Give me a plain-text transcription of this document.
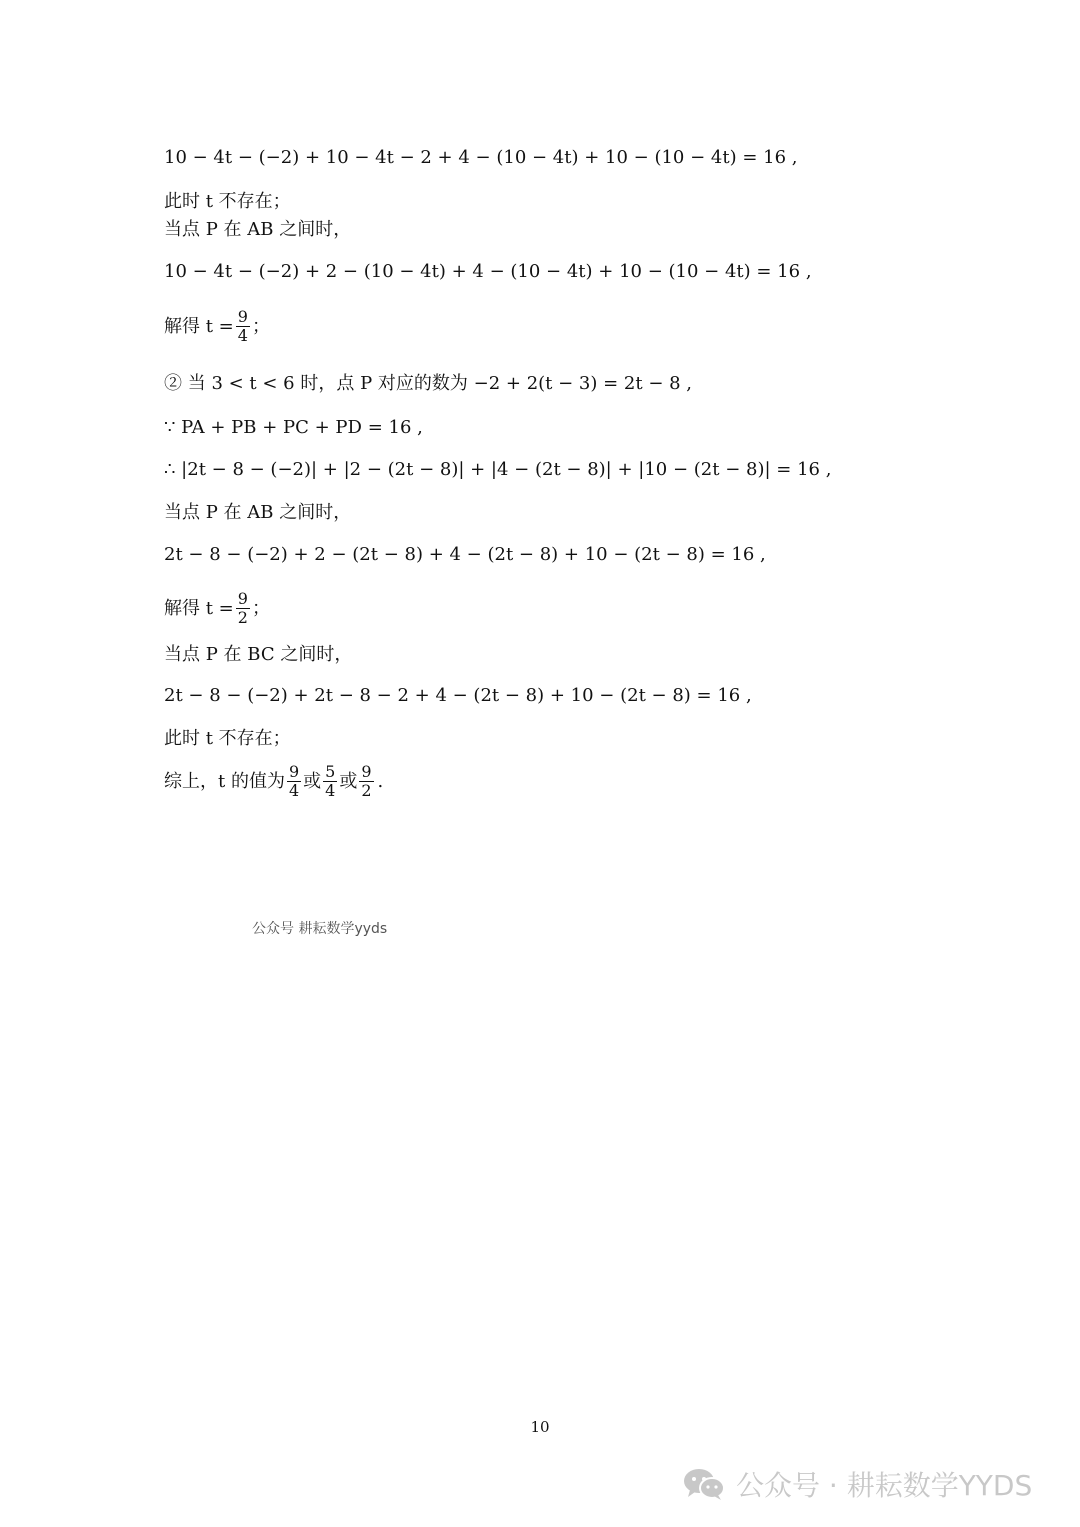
10 − 4t − (−2) + 10 − 4t − 2 + 4 − (10 − 4t) + 10 − (10 − 4t) = 16 ,
此时 t 不存在；
当点 P 在 AB 之间时，
10 − 4t − (−2) + 2 − (10 − 4t) + 4 − (10 − 4t) + 10 − (10 − 4t) = 16 ,
解得 $t = \frac{9}{4}$ ；
② 当 3 < t < 6 时，点 P 对应的数为 −2 + 2(t − 3) = 2t − 8 ,
∵ PA + PB + PC + PD = 16 ,
∴ |2t − 8 − (−2)| + |2 − (2t − 8)| + |4 − (2t − 8)| + |10 − (2t − 8)| = 16 ,
当点 P 在 AB 之间时，
2t − 8 − (−2) + 2 − (2t − 8) + 4 − (2t − 8) + 10 − (2t − 8) = 16 ,
解得 $t = \frac{9}{2}$ ；
当点 P 在 BC 之间时，
2t − 8 − (−2) + 2t − 8 − 2 + 4 − (2t − 8) + 10 − (2t − 8) = 16 ,
此时 t 不存在；
综上，t 的值为 $\frac{9}{4}$ 或 $\frac{5}{4}$ 或 $\frac{9}{2}$ .
公众号 耕耘数学yyds
10
公众号 · 耕耘数学YYDS
